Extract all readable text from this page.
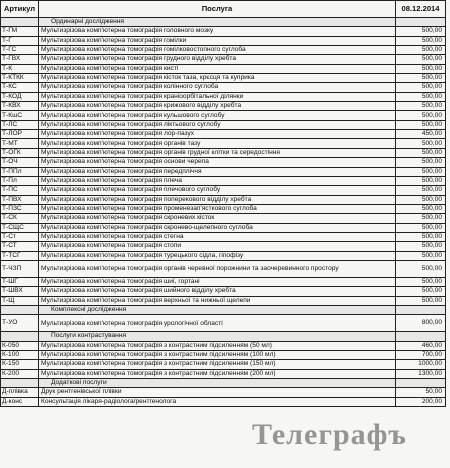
Артикул	Послуга	08.12.2014
	Ординарні дослідження	
Т-ГМ	Мультизрізова комп'ютерна томографія головного мозку	500,00
Т-Г	Мультизрізова комп'ютерна томографія гомілки	500,00
Т-ГС	Мультизрізова комп'ютерна томографія гомілковостопного суглоба	500,00
Т-ГВХ	Мультизрізова комп'ютерна томографія грудного відділу хребта	500,00
Т-К	Мультизрізова комп'ютерна томографія кисті	500,00
Т-КТКК	Мультизрізова комп'ютерна томографія кісток таза, крєсця та куприка	500,00
Т-КС	Мультизрізова комп'ютерна томографія колінного суглоба	500,00
Т-КОД	Мультизрізова комп'ютерна томографія краніоорбітальної ділянки	500,00
Т-КВХ	Мультизрізова комп'ютерна томографія крижового відділу хребта	500,00
Т-КшС	Мультизрізова комп'ютерна томографія кульшового суглобу	500,00
Т-ЛС	Мультизрізова комп'ютерна томографія ліктьового суглобу	500,00
Т-ЛОР	Мультизрізова комп'ютерна томографія лор-пазух	450,00
Т-МТ	Мультизрізова комп'ютерна томографія органів тазу	500,00
Т-ОГК	Мультизрізова комп'ютерна томографія органів грудної клітки та середостіння	500,00
Т-ОЧ	Мультизрізова комп'ютерна томографія основи черепа	500,00
Т-ППл	Мультизрізова комп'ютерна томографія передпліччя	500,00
Т-Пл	Мультизрізова комп'ютерна томографія плеча	500,00
Т-ПС	Мультизрізова комп'ютерна томографія плечового суглобу	500,00
Т-ПВХ	Мультизрізова комп'ютерна томографія поперекового відділу хребта	500,00
Т-ПЗС	Мультизрізова комп'ютерна томографія променезап'ясткового суглоба	500,00
Т-СК	Мультизрізова комп'ютерна томографія скроневих кісток	500,00
Т-СЩС	Мультизрізова комп'ютерна томографія скронево-щелепного суглоба	500,00
Т-Ст	Мультизрізова комп'ютерна томографія стегна	500,00
Т-СТ	Мультизрізова комп'ютерна томографія стопи	500,00
Т-ТСГ	Мультизрізова комп'ютерна томографія турецького сідла, гіпофізу	500,00
Т-ЧЗП	Мультизрізова комп'ютерна томографія органів черевної порожнини та заочеревинного простору	500,00
Т-ШГ	Мультизрізова комп'ютерна томографія шиї, гортані	500,00
Т-ШВХ	Мультизрізова комп'ютерна томографія шийного відділу хребта	500,00
Т-Щ	Мультизрізова комп'ютерна томографія верхньої та нижньої щелепи	500,00
	Комплексні дослідження	
Т-УО	Мультизрізова комп'ютерна томографія урологічної області	800,00
	Послуги контрастування	
К-050	Мультизрізова комп'ютерна томографія з контрастним підсиленням (50 мл)	460,00
К-100	Мультизрізова комп'ютерна томографія з контрастним підсиленням (100 мл)	700,00
К-150	Мультизрізова комп'ютерна томографія з контрастним підсиленням (150 мл)	1000,00
К-200	Мультизрізова комп'ютерна томографія з контрастним підсиленням (200 мл)	1300,00
	Додаткові послуги	
Д-плівка	Друк рентгенівської плівки	50,00
Д-конс	Консультація лікаря-радіолога/рентгенолога	200,00
Телеграфъ
